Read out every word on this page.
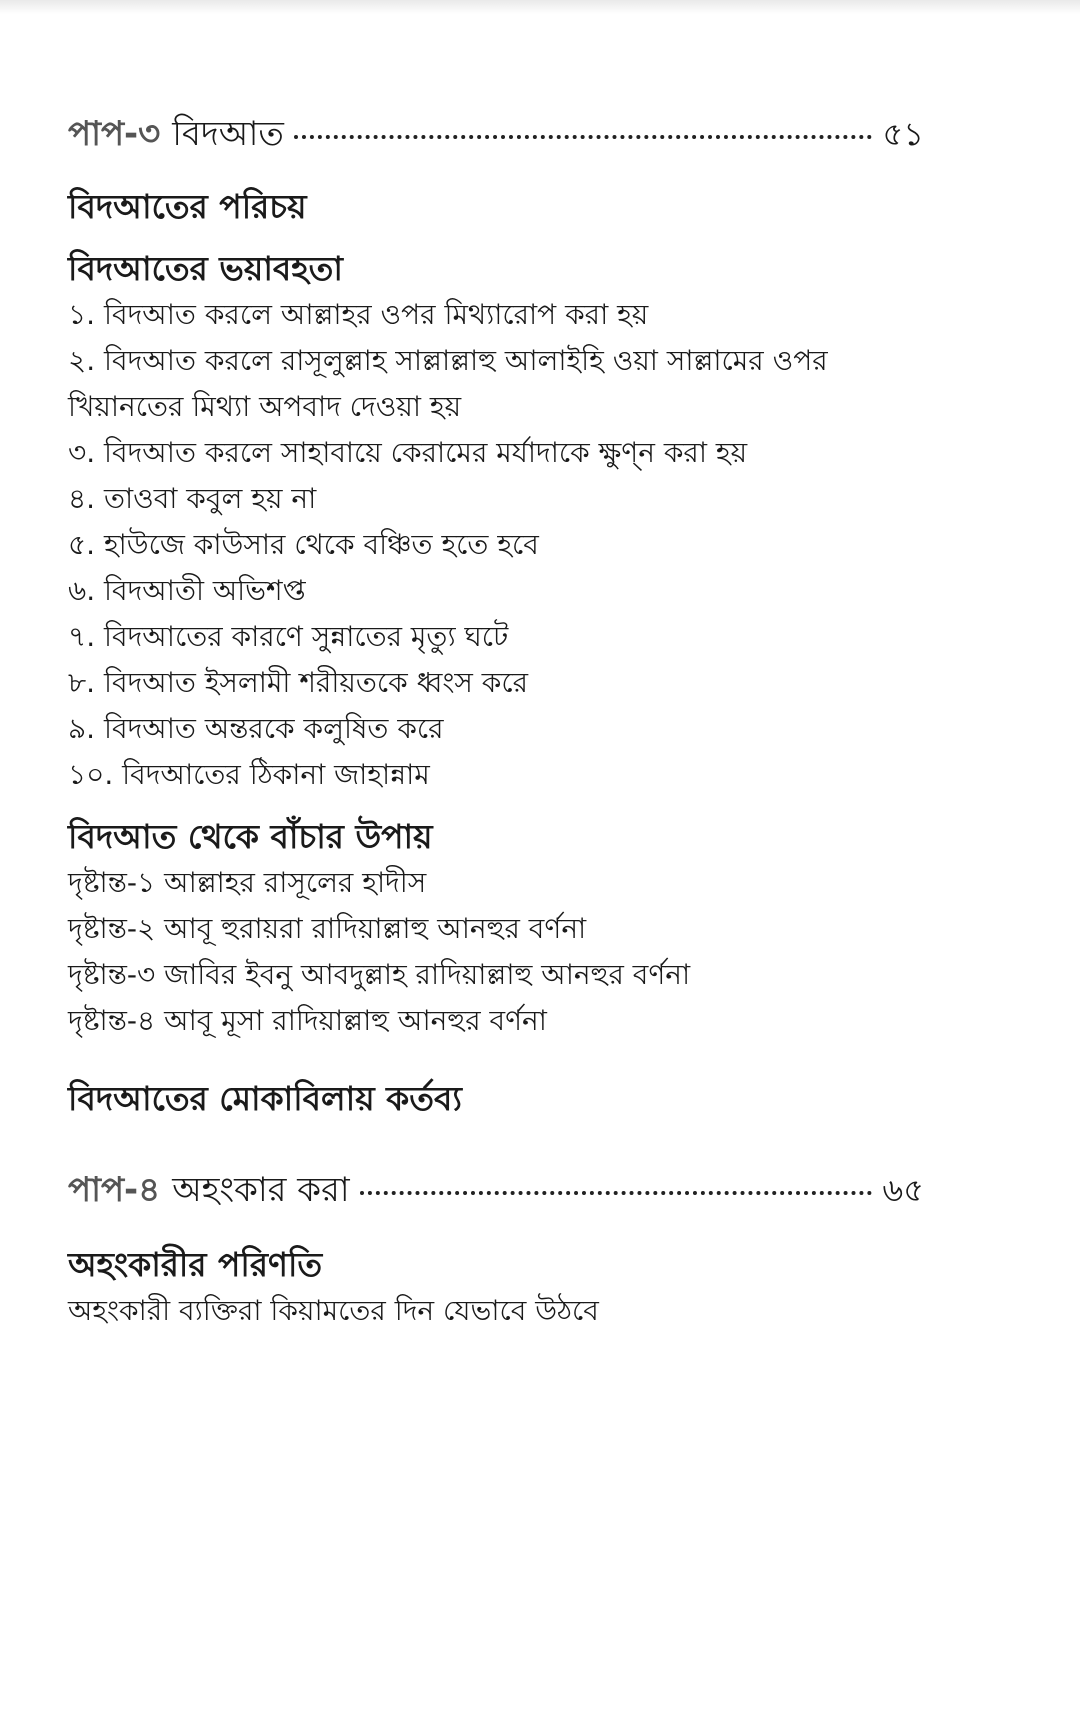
পাপ-৩ বিদআত	৫১

বিদআতের পরিচয়

বিদআতের ভয়াবহতা

১. বিদআত করলে আল্লাহর ওপর মিথ্যারোপ করা হয়

২. বিদআত করলে রাসূলুল্লাহ সাল্লাল্লাহু আলাইহি ওয়া সাল্লামের ওপর খিয়ানতের মিথ্যা অপবাদ দেওয়া হয়

৩. বিদআত করলে সাহাবায়ে কেরামের মর্যাদাকে ক্ষুণ্ন করা হয়

৪. তাওবা কবুল হয় না

৫. হাউজে কাউসার থেকে বঞ্চিত হতে হবে

৬. বিদআতী অভিশপ্ত

৭. বিদআতের কারণে সুন্নাতের মৃত্যু ঘটে

৮. বিদআত ইসলামী শরীয়তকে ধ্বংস করে

৯. বিদআত অন্তরকে কলুষিত করে

১০. বিদআতের ঠিকানা জাহান্নাম

বিদআত থেকে বাঁচার উপায়

দৃষ্টান্ত-১ আল্লাহর রাসূলের হাদীস

দৃষ্টান্ত-২ আবূ হুরায়রা রাদিয়াল্লাহু আনহুর বর্ণনা

দৃষ্টান্ত-৩ জাবির ইবনু আবদুল্লাহ রাদিয়াল্লাহু আনহুর বর্ণনা

দৃষ্টান্ত-৪ আবূ মূসা রাদিয়াল্লাহু আনহুর বর্ণনা

বিদআতের মোকাবিলায় কর্তব্য

পাপ-৪ অহংকার করা	৬৫

অহংকারীর পরিণতি

অহংকারী ব্যক্তিরা কিয়ামতের দিন যেভাবে উঠবে
